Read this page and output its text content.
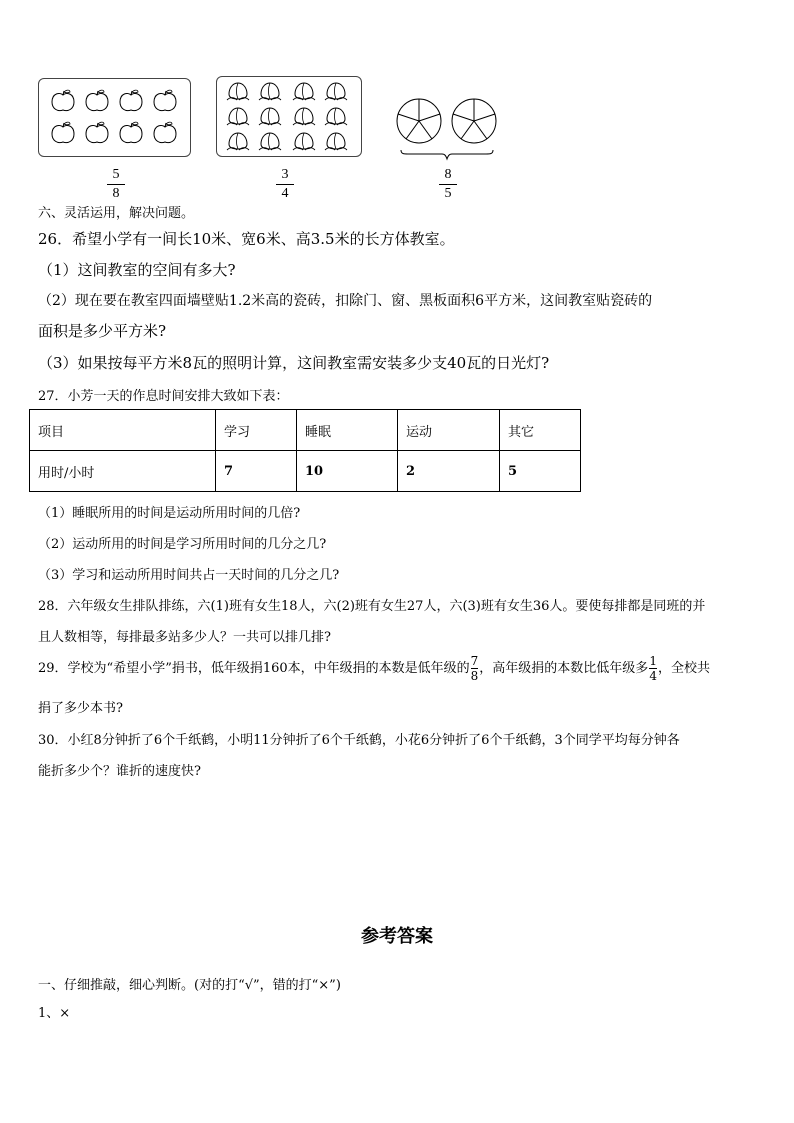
5
8
3
4
8
5
六、灵活运用，解决问题。
26．希望小学有一间长10米、宽6米、高3.5米的长方体教室。
（1）这间教室的空间有多大?
（2）现在要在教室四面墙壁贴1.2米高的瓷砖，扣除门、窗、黑板面积6平方米，这间教室贴瓷砖的
面积是多少平方米?
（3）如果按每平方米8瓦的照明计算，这间教室需安装多少支40瓦的日光灯?
27．小芳一天的作息时间安排大致如下表：
项目	学习	睡眠	运动	其它
用时/小时	7	10	2	5
（1）睡眠所用的时间是运动所用时间的几倍?
（2）运动所用的时间是学习所用时间的几分之几?
（3）学习和运动所用时间共占一天时间的几分之几?
28．六年级女生排队排练，六(1)班有女生18人，六(2)班有女生27人，六(3)班有女生36人。要使每排都是同班的并
且人数相等，每排最多站多少人？一共可以排几排?
29．学校为“希望小学”捐书，低年级捐160本，中年级捐的本数是低年级的$\frac{7}{8}$，高年级捐的本数比低年级多$\frac{1}{4}$，全校共
捐了多少本书?
30．小红8分钟折了6个千纸鹤，小明11分钟折了6个千纸鹤，小花6分钟折了6个千纸鹤，3个同学平均每分钟各
能折多少个？谁折的速度快?
参考答案
一、仔细推敲，细心判断。(对的打“√”，错的打“×”)
1、×
